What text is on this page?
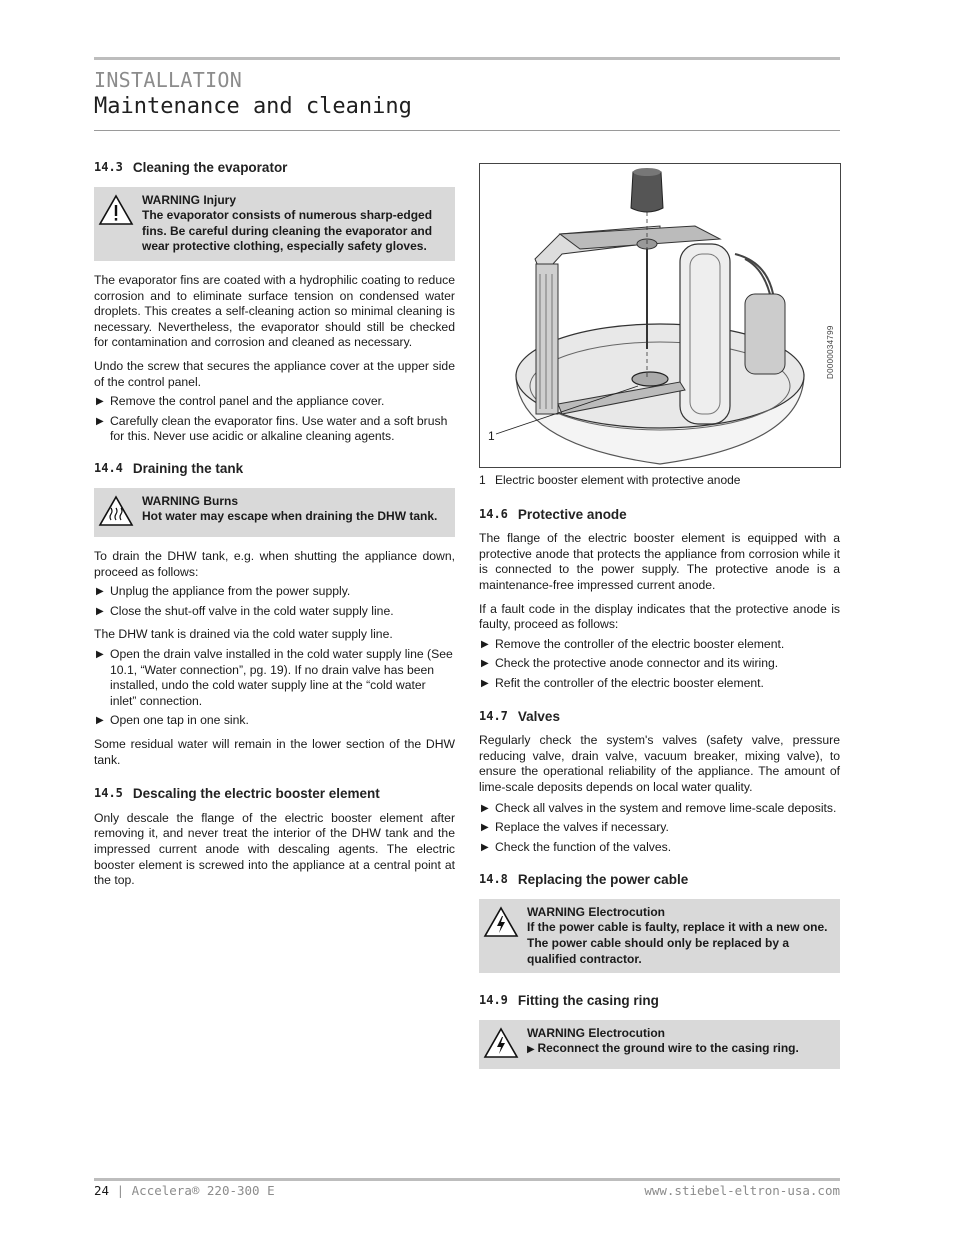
INSTALLATION
Maintenance and cleaning
14.3 Cleaning the evaporator
WARNING Injury
The evaporator consists of numerous sharp-edged fins. Be careful during cleaning the evaporator and wear protective clothing, especially safety gloves.

The evaporator fins are coated with a hydrophilic coating to reduce corrosion and to eliminate surface tension on condensed water droplets. This creates a self-cleaning action so minimal cleaning is necessary. Nevertheless, the evaporator should still be checked for contamination and corrosion and cleaned as necessary.

Undo the screw that secures the appliance cover at the upper side of the control panel.

▶ Remove the control panel and the appliance cover.
▶ Carefully clean the evaporator fins. Use water and a soft brush for this. Never use acidic or alkaline cleaning agents.
14.4 Draining the tank
WARNING Burns
Hot water may escape when draining the DHW tank.

To drain the DHW tank, e.g. when shutting the appliance down, proceed as follows:

▶ Unplug the appliance from the power supply.
▶ Close the shut-off valve in the cold water supply line.

The DHW tank is drained via the cold water supply line.

▶ Open the drain valve installed in the cold water supply line (See 10.1, “Water connection”, pg. 19). If no drain valve has been installed, undo the cold water supply line at the “cold water inlet” connection.
▶ Open one tap in one sink.

Some residual water will remain in the lower section of the DHW tank.

14.5 Descaling the electric booster element

Only descale the flange of the electric booster element after removing it, and never treat the interior of the DHW tank and the impressed current anode with descaling agents. The electric booster element is screwed into the appliance at a central point at the top.

1
D0000034799
1 Electric booster element with protective anode
14.6 Protective anode

The flange of the electric booster element is equipped with a protective anode that protects the appliance from corrosion while it is connected to the power supply. The protective anode is a maintenance-free impressed current anode.

If a fault code in the display indicates that the protective anode is faulty, proceed as follows:

▶ Remove the controller of the electric booster element.
▶ Check the protective anode connector and its wiring.
▶ Refit the controller of the electric booster element.
14.7 Valves

Regularly check the system's valves (safety valve, pressure reducing valve, drain valve, vacuum breaker, mixing valve), to ensure the operational reliability of the appliance. The amount of lime-scale deposits depends on local water quality.

▶ Check all valves in the system and remove lime-scale deposits.
▶ Replace the valves if necessary.
▶ Check the function of the valves.
14.8 Replacing the power cable
WARNING Electrocution
If the power cable is faulty, replace it with a new one. The power cable should only be replaced by a qualified contractor.
14.9 Fitting the casing ring
WARNING Electrocution
▶ Reconnect the ground wire to the casing ring.
24 | Accelera® 220-300 E	www.stiebel-eltron-usa.com
